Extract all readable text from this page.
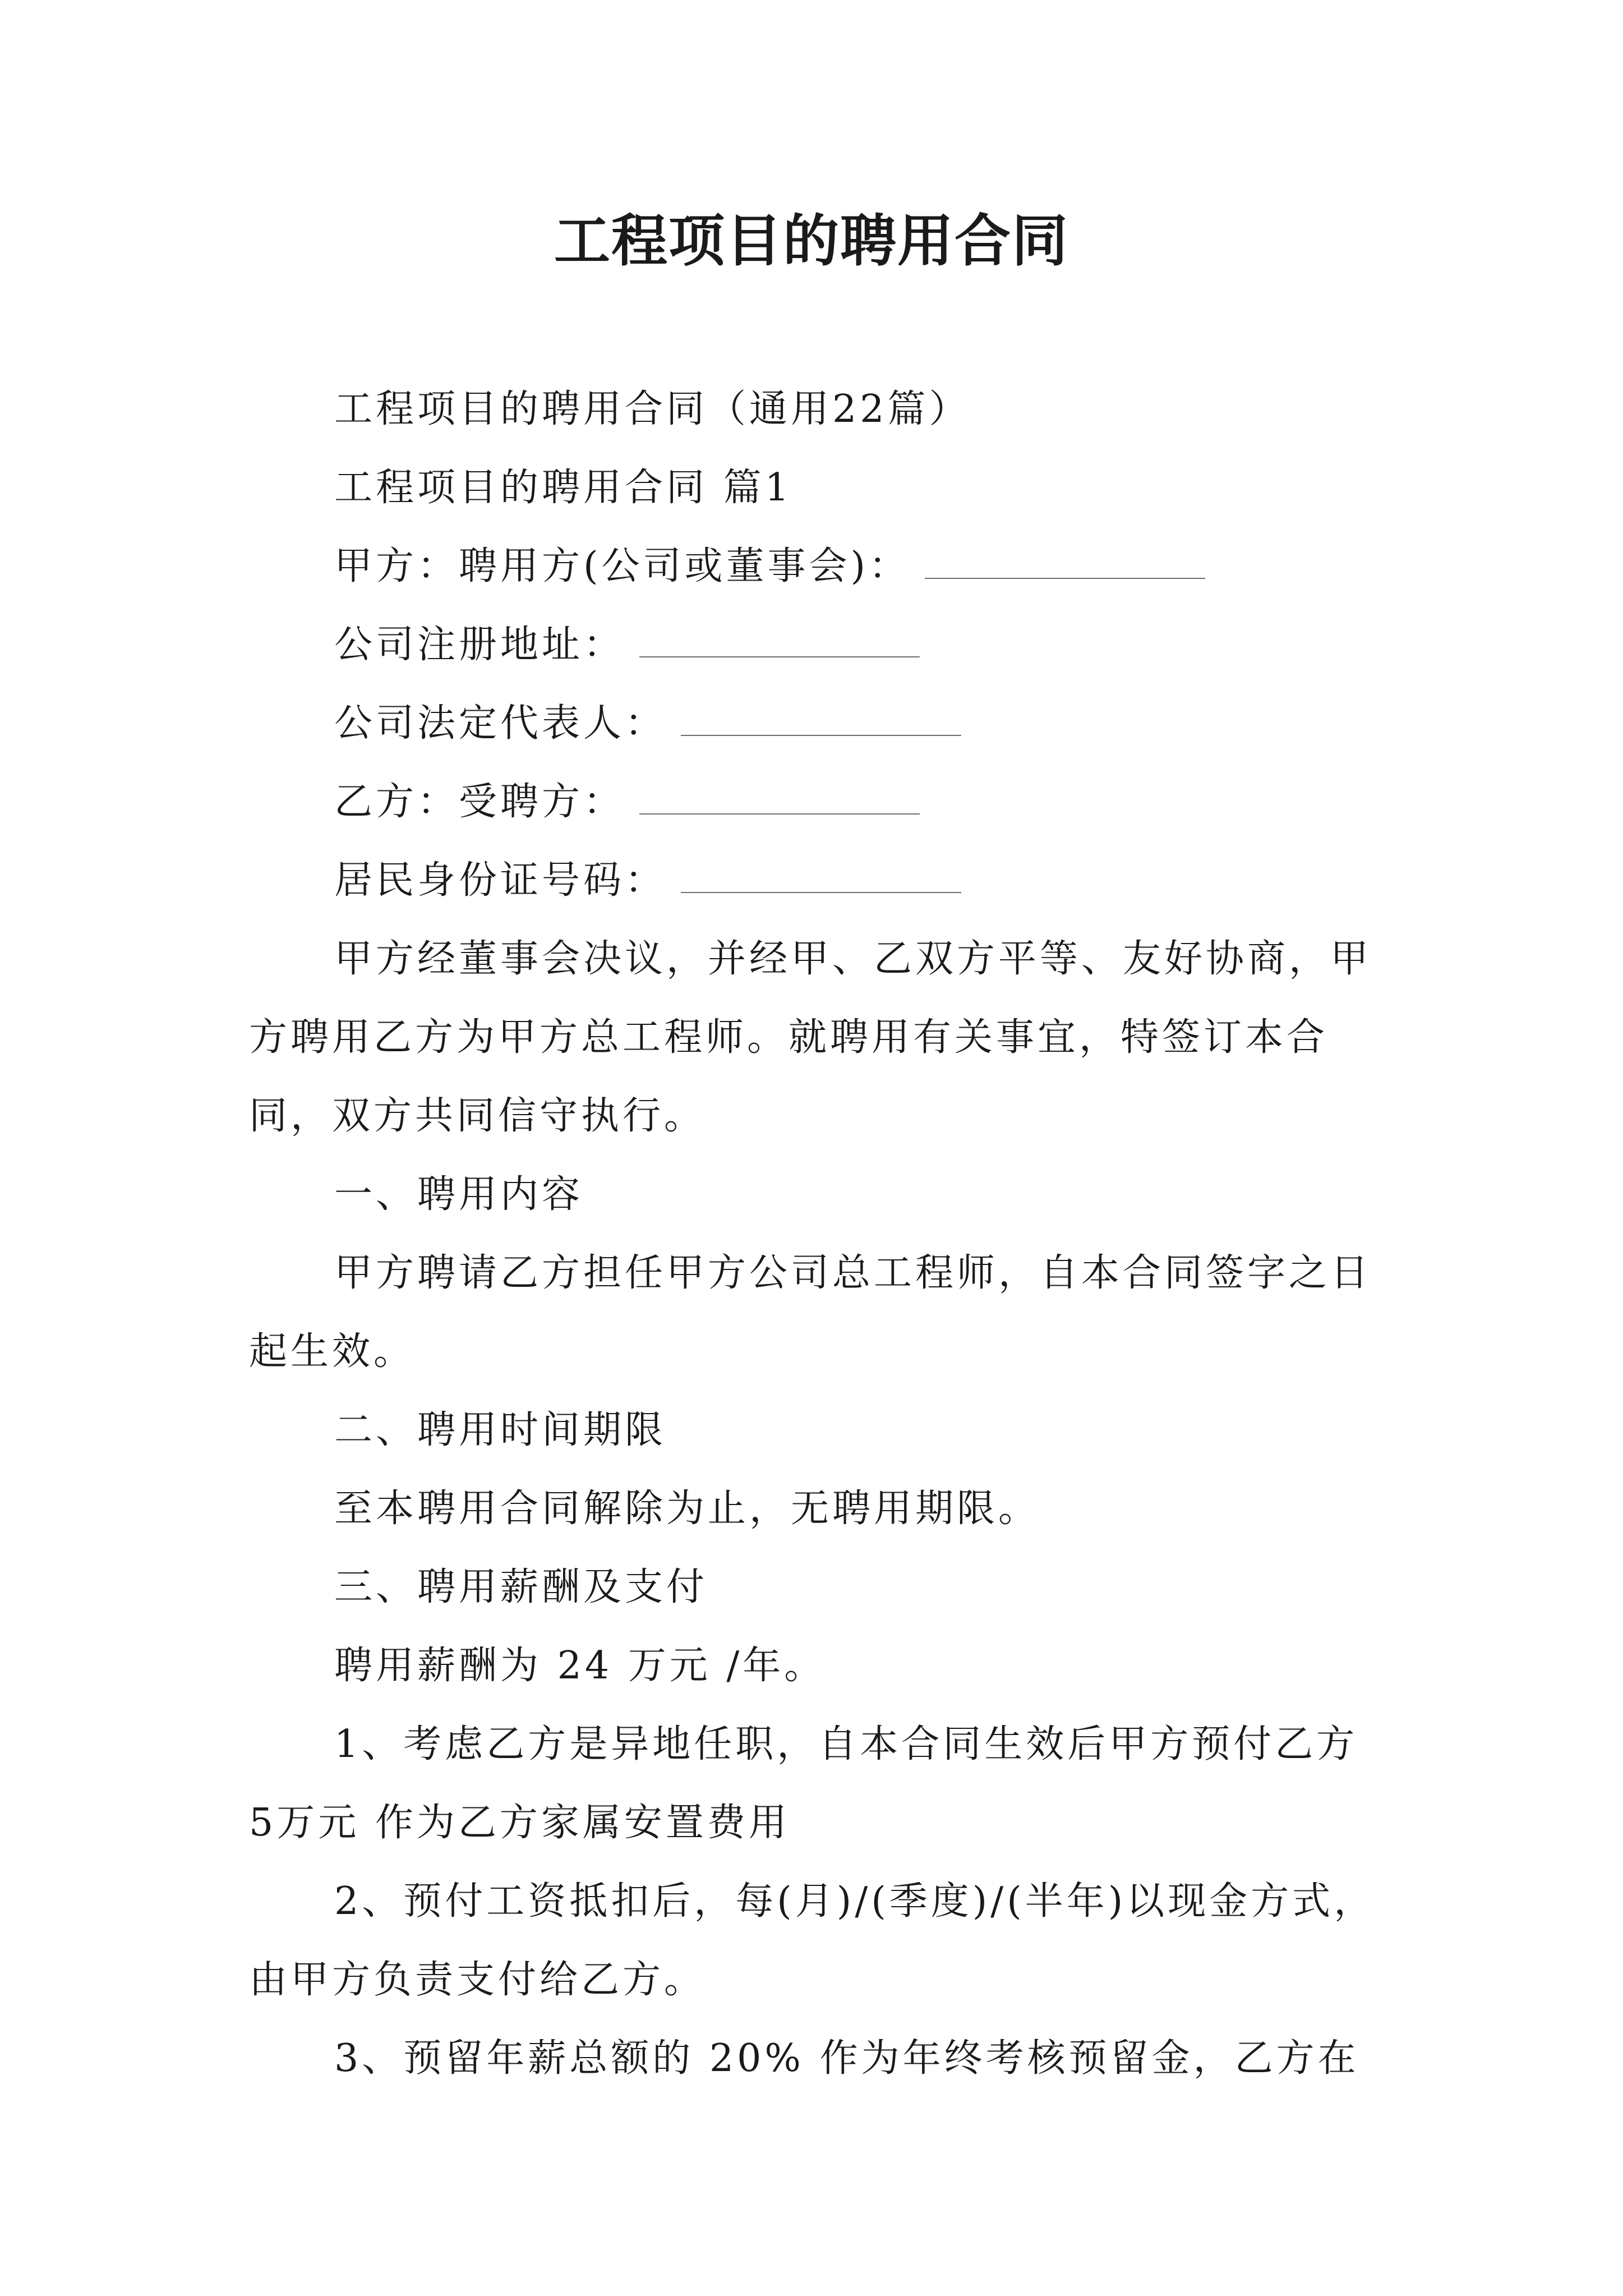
工程项目的聘用合同

工程项目的聘用合同（通用22篇）

工程项目的聘用合同 篇1

甲方：聘用方(公司或董事会)：

公司注册地址：

公司法定代表人：

乙方：受聘方：

居民身份证号码：

甲方经董事会决议，并经甲、乙双方平等、友好协商，甲方聘用乙方为甲方总工程师。就聘用有关事宜，特签订本合同，双方共同信守执行。

一、聘用内容

甲方聘请乙方担任甲方公司总工程师，自本合同签字之日起生效。

二、聘用时间期限

至本聘用合同解除为止，无聘用期限。

三、聘用薪酬及支付

聘用薪酬为 24 万元 /年。

1、考虑乙方是异地任职，自本合同生效后甲方预付乙方 5万元 作为乙方家属安置费用

2、预付工资抵扣后，每(月)/(季度)/(半年)以现金方式，由甲方负责支付给乙方。

3、预留年薪总额的 20% 作为年终考核预留金，乙方在
